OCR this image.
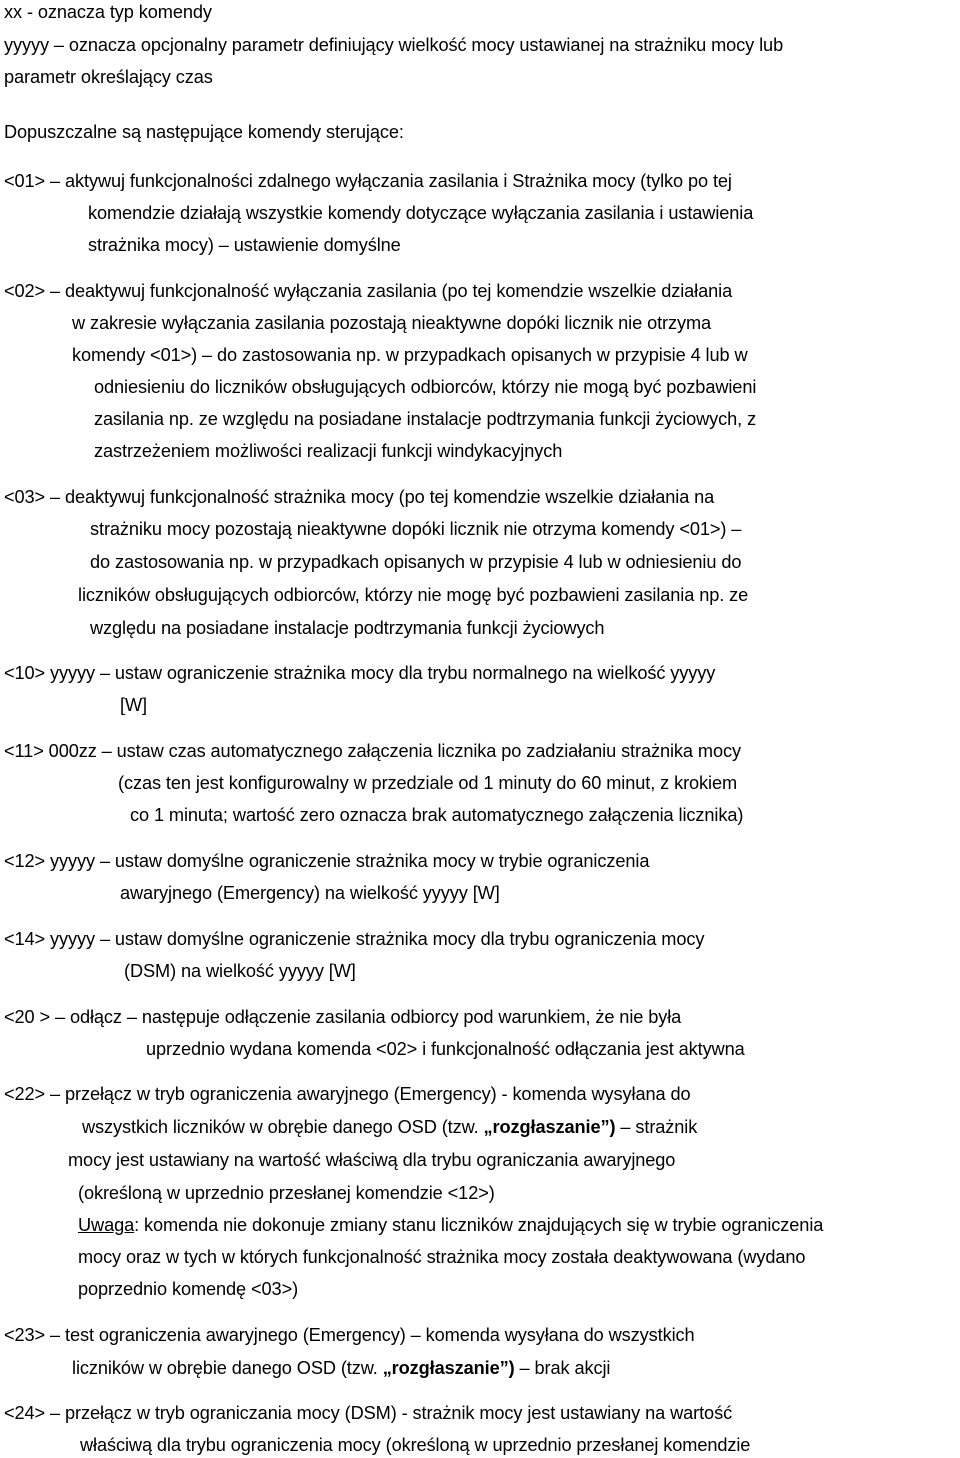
xx - oznacza typ komendy
yyyyy – oznacza opcjonalny parametr definiujący wielkość mocy ustawianej na strażniku mocy lub
parametr określający czas
Dopuszczalne są następujące komendy sterujące:
<01> – aktywuj funkcjonalności zdalnego wyłączania zasilania i Strażnika mocy (tylko po tej
komendzie działają wszystkie komendy dotyczące wyłączania zasilania i ustawienia
strażnika mocy) – ustawienie domyślne
<02> – deaktywuj funkcjonalność wyłączania zasilania (po tej komendzie wszelkie działania
w zakresie wyłączania zasilania pozostają nieaktywne dopóki licznik nie otrzyma
komendy <01>) – do zastosowania np. w przypadkach opisanych w przypisie 4 lub w
odniesieniu do liczników obsługujących odbiorców, którzy nie mogą być pozbawieni
zasilania np. ze względu na posiadane instalacje podtrzymania funkcji życiowych, z
zastrzeżeniem możliwości realizacji funkcji windykacyjnych
<03> – deaktywuj funkcjonalność strażnika mocy (po tej komendzie wszelkie działania na
strażniku mocy pozostają nieaktywne dopóki licznik nie otrzyma komendy <01>) –
do zastosowania np. w przypadkach opisanych w przypisie 4 lub w odniesieniu do
liczników obsługujących odbiorców, którzy nie mogę być pozbawieni zasilania np. ze
względu na posiadane instalacje podtrzymania funkcji życiowych
<10> yyyyy – ustaw ograniczenie strażnika mocy dla trybu normalnego na wielkość yyyyy
[W]
<11> 000zz – ustaw czas automatycznego załączenia licznika po zadziałaniu strażnika mocy
(czas ten jest konfigurowalny w przedziale od 1 minuty do 60 minut, z krokiem
co 1 minuta; wartość zero oznacza brak automatycznego załączenia licznika)
<12> yyyyy – ustaw domyślne ograniczenie strażnika mocy w trybie ograniczenia
awaryjnego (Emergency) na wielkość yyyyy [W]
<14> yyyyy – ustaw domyślne ograniczenie strażnika mocy dla trybu ograniczenia mocy
(DSM) na wielkość yyyyy [W]
<20 > – odłącz – następuje odłączenie zasilania odbiorcy pod warunkiem, że nie była
uprzednio wydana komenda <02> i funkcjonalność odłączania jest aktywna
<22> – przełącz w tryb ograniczenia awaryjnego (Emergency) - komenda wysyłana do
wszystkich liczników w obrębie danego OSD (tzw. „rozgłaszanie”) – strażnik
mocy jest ustawiany na wartość właściwą dla trybu ograniczania awaryjnego
(określoną w uprzednio przesłanej komendzie <12>)
Uwaga: komenda nie dokonuje zmiany stanu liczników znajdujących się w trybie ograniczenia
mocy oraz w tych w których funkcjonalność strażnika mocy została deaktywowana (wydano
poprzednio komendę <03>)
<23> – test ograniczenia awaryjnego (Emergency) – komenda wysyłana do wszystkich
liczników w obrębie danego OSD (tzw. „rozgłaszanie”) – brak akcji
<24> – przełącz w tryb ograniczania mocy (DSM) - strażnik mocy jest ustawiany na wartość
właściwą dla trybu ograniczenia mocy (określoną w uprzednio przesłanej komendzie
